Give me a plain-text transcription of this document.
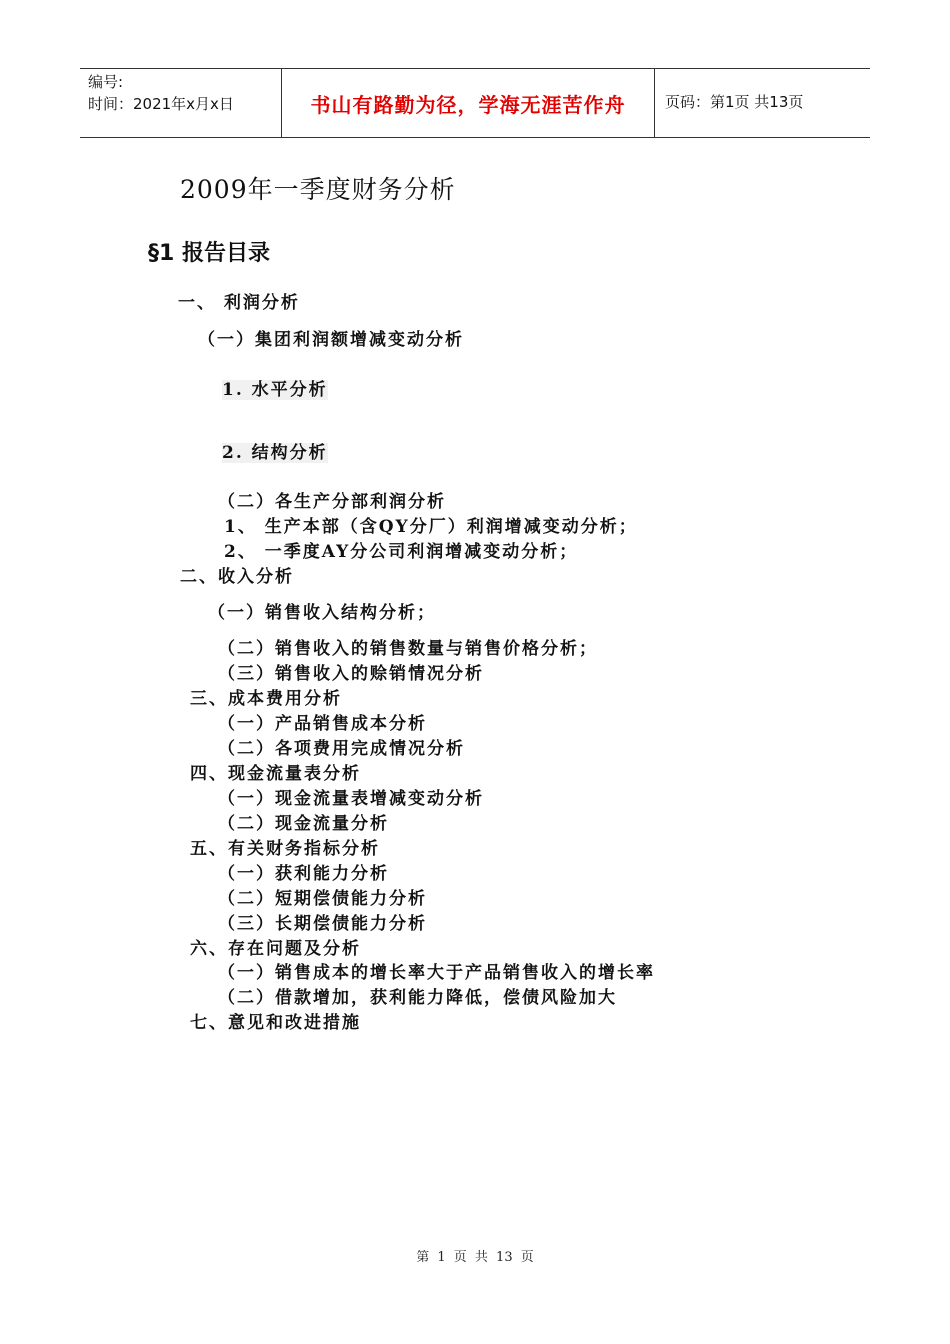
编号:
时间：2021年x月x日	书山有路勤为径，学海无涯苦作舟	页码：第1页 共13页
2009年一季度财务分析
§1 报告目录
一、 利润分析
（一）集团利润额增减变动分析
1. 水平分析
2. 结构分析
（二）各生产分部利润分析
1、 生产本部（含QY分厂）利润增减变动分析；
2、 一季度AY分公司利润增减变动分析；
二、收入分析
（一）销售收入结构分析；
（二）销售收入的销售数量与销售价格分析；
（三）销售收入的赊销情况分析
三、成本费用分析
（一）产品销售成本分析
（二）各项费用完成情况分析
四、现金流量表分析
（一）现金流量表增减变动分析
（二）现金流量分析
五、有关财务指标分析
（一）获利能力分析
（二）短期偿债能力分析
（三）长期偿债能力分析
六、存在问题及分析
（一）销售成本的增长率大于产品销售收入的增长率
（二）借款增加，获利能力降低，偿债风险加大
七、意见和改进措施
第 1 页 共 13 页
